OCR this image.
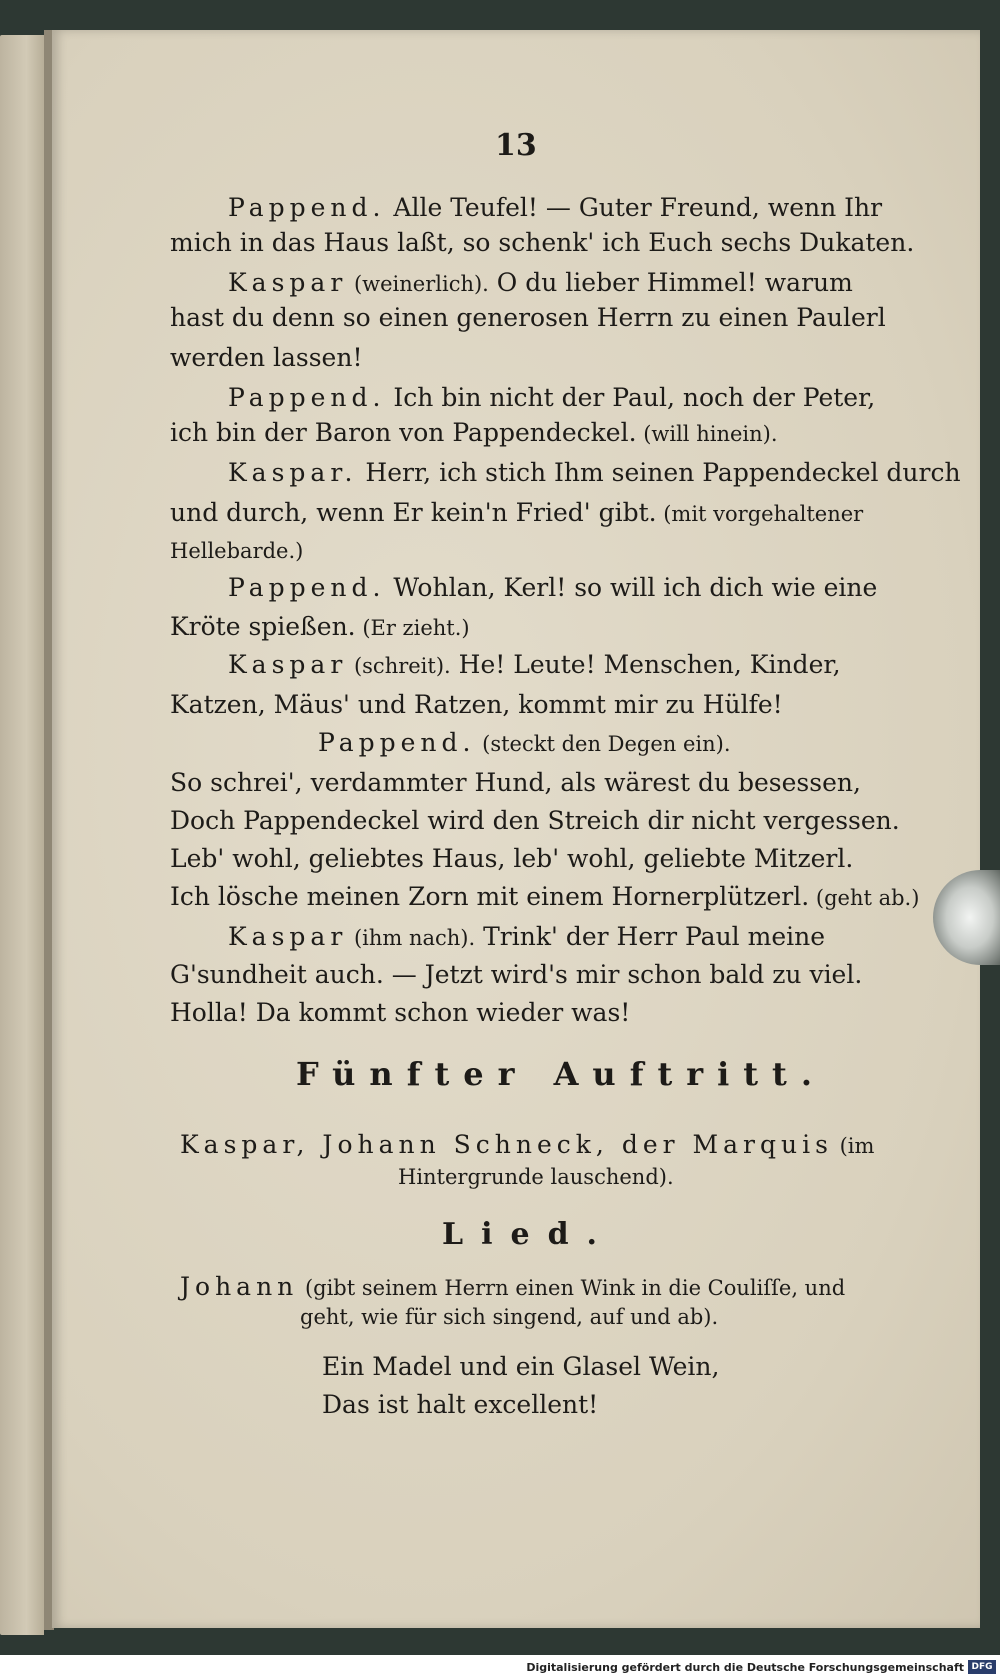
13
Pappend. Alle Teufel! — Guter Freund, wenn Ihr
mich in das Haus laßt, so schenk' ich Euch sechs Dukaten.
Kaspar (weinerlich). O du lieber Himmel! warum
hast du denn so einen generosen Herrn zu einen Paulerl
werden lassen!
Pappend. Ich bin nicht der Paul, noch der Peter,
ich bin der Baron von Pappendeckel. (will hinein).
Kaspar. Herr, ich stich Ihm seinen Pappendeckel durch
und durch, wenn Er kein'n Fried' gibt. (mit vorgehaltener
Hellebarde.)
Pappend. Wohlan, Kerl! so will ich dich wie eine
Kröte spießen. (Er zieht.)
Kaspar (schreit). He! Leute! Menschen, Kinder,
Katzen, Mäus' und Ratzen, kommt mir zu Hülfe!
Pappend. (steckt den Degen ein).
So schrei', verdammter Hund, als wärest du besessen,
Doch Pappendeckel wird den Streich dir nicht vergessen.
Leb' wohl, geliebtes Haus, leb' wohl, geliebte Mitzerl.
Ich lösche meinen Zorn mit einem Hornerplützerl. (geht ab.)
Kaspar (ihm nach). Trink' der Herr Paul meine
G'sundheit auch. — Jetzt wird's mir schon bald zu viel.
Holla! Da kommt schon wieder was!
Fünfter Auftritt.
Kaspar, Johann Schneck, der Marquis (im
Hintergrunde lauschend).
Lied.
Johann (gibt seinem Herrn einen Wink in die Couliſſe, und
geht, wie für sich singend, auf und ab).
Ein Madel und ein Glasel Wein,
Das ist halt excellent!
Digitalisierung gefördert durch die Deutsche Forschungsgemeinschaft DFG
